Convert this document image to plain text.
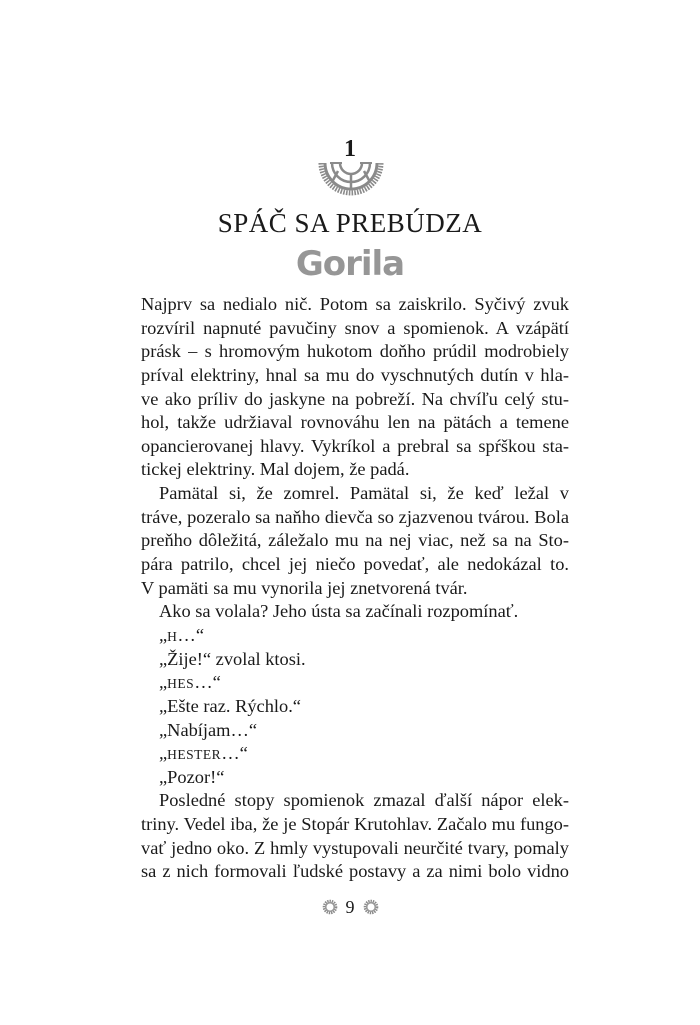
1
SPÁČ SA PREBÚDZA
Gorila
Najprv sa nedialo nič. Potom sa zaiskrilo. Syčivý zvuk
rozvíril napnuté pavučiny snov a spomienok. A vzápätí
prásk – s hromovým hukotom doňho prúdil modrobiely
príval elektriny, hnal sa mu do vyschnutých dutín v hla-
ve ako príliv do jaskyne na pobreží. Na chvíľu celý stu-
hol, takže udržiaval rovnováhu len na pätách a temene
opancierovanej hlavy. Vykríkol a prebral sa spŕškou sta-
tickej elektriny. Mal dojem, že padá.
Pamätal si, že zomrel. Pamätal si, že keď ležal v
tráve, pozeralo sa naňho dievča so zjazvenou tvárou. Bola
preňho dôležitá, záležalo mu na nej viac, než sa na Sto-
pára patrilo, chcel jej niečo povedať, ale nedokázal to.
V pamäti sa mu vynorila jej znetvorená tvár.
Ako sa volala? Jeho ústa sa začínali rozpomínať.
„H…“
„Žije!“ zvolal ktosi.
„HES…“
„Ešte raz. Rýchlo.“
„Nabíjam…“
„HESTER…“
„Pozor!“
Posledné stopy spomienok zmazal ďalší nápor elek-
triny. Vedel iba, že je Stopár Krutohlav. Začalo mu fungo-
vať jedno oko. Z hmly vystupovali neurčité tvary, pomaly
sa z nich formovali ľudské postavy a za nimi bolo vidno
9
